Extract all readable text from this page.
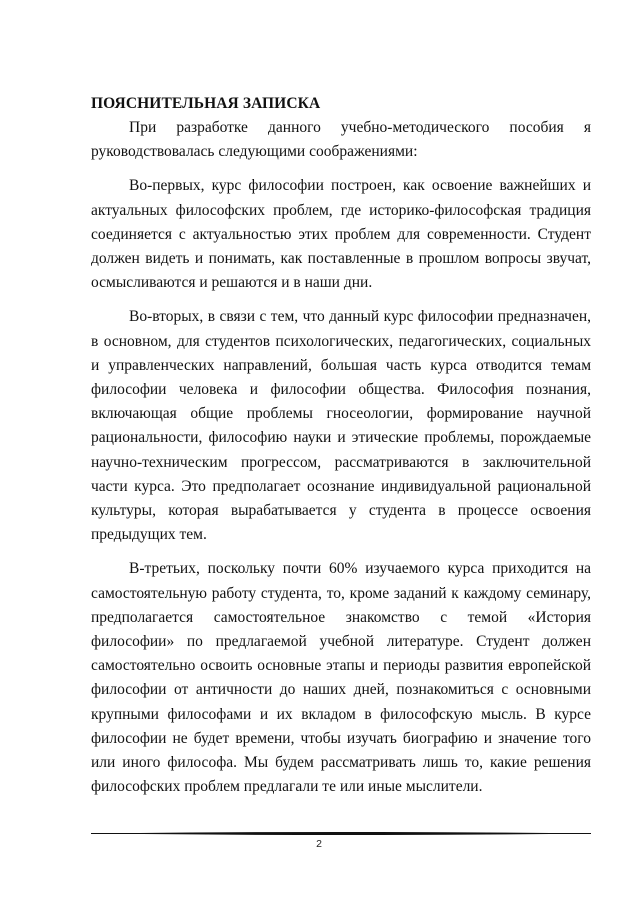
ПОЯСНИТЕЛЬНАЯ ЗАПИСКА

При разработке данного учебно-методического пособия я руководствовалась следующими соображениями:

Во-первых, курс философии построен, как освоение важнейших и актуальных философских проблем, где историко-философская традиция соединяется с актуальностью этих проблем для современности. Студент должен видеть и понимать, как поставленные в прошлом вопросы звучат, осмысливаются и решаются и в наши дни.

Во-вторых, в связи с тем, что данный курс философии предназначен, в основном, для студентов психологических, педагогических, социальных и управленческих направлений, большая часть курса отводится темам философии человека и философии общества. Философия познания, включающая общие проблемы гносеологии, формирование научной рациональности, философию науки и этические проблемы, порождаемые научно-техническим прогрессом, рассматриваются в заключительной части курса. Это предполагает осознание индивидуальной рациональной культуры, которая вырабатывается у студента в процессе освоения предыдущих тем.

В-третьих, поскольку почти 60% изучаемого курса приходится на самостоятельную работу студента, то, кроме заданий к каждому семинару, предполагается самостоятельное знакомство с темой «История философии» по предлагаемой учебной литературе. Студент должен самостоятельно освоить основные этапы и периоды развития европейской философии от античности до наших дней, познакомиться с основными крупными философами и их вкладом в философскую мысль. В курсе философии не будет времени, чтобы изучать биографию и значение того или иного философа. Мы будем рассматривать лишь то, какие решения философских проблем предлагали те или иные мыслители.

2
